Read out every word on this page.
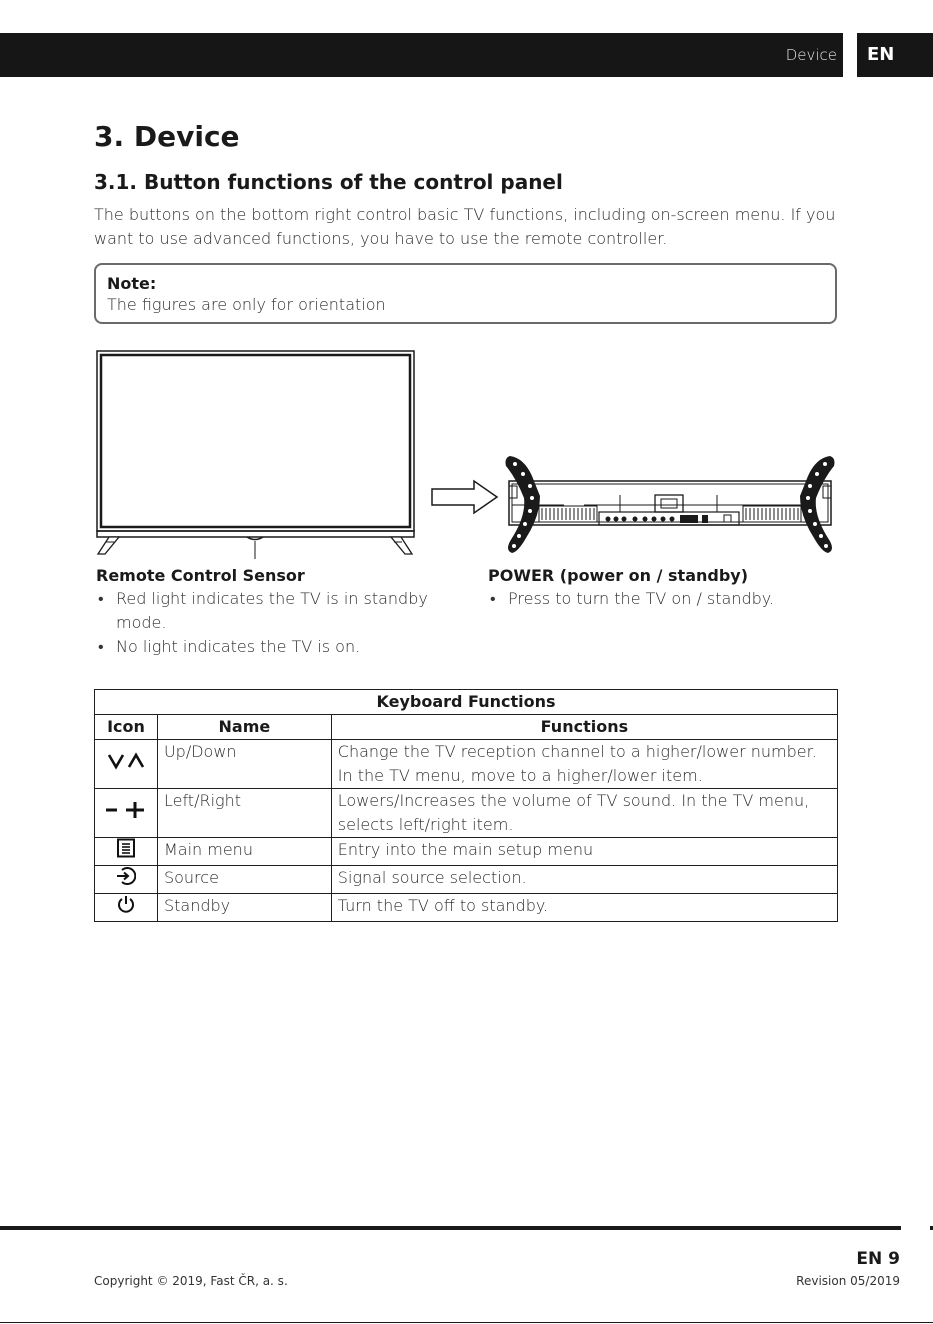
Device	EN
3. Device
3.1. Button functions of the control panel

The buttons on the bottom right control basic TV functions, including on-screen menu. If you want to use advanced functions, you have to use the remote controller.

Note:
The figures are only for orientation
Remote Control Sensor
• Red light indicates the TV is in standby mode.
• No light indicates the TV is on.
POWER (power on / standby)
• Press to turn the TV on / standby.
Keyboard Functions		
Icon	Name	Functions
	Up/Down	Change the TV reception channel to a higher/lower number. In the TV menu, move to a higher/lower item.
	Left/Right	Lowers/Increases the volume of TV sound. In the TV menu, selects left/right item.
	Main menu	Entry into the main setup menu
	Source	Signal source selection.
	Standby	Turn the TV off to standby.
EN 9
Copyright © 2019, Fast ČR, a. s.	Revision 05/2019
